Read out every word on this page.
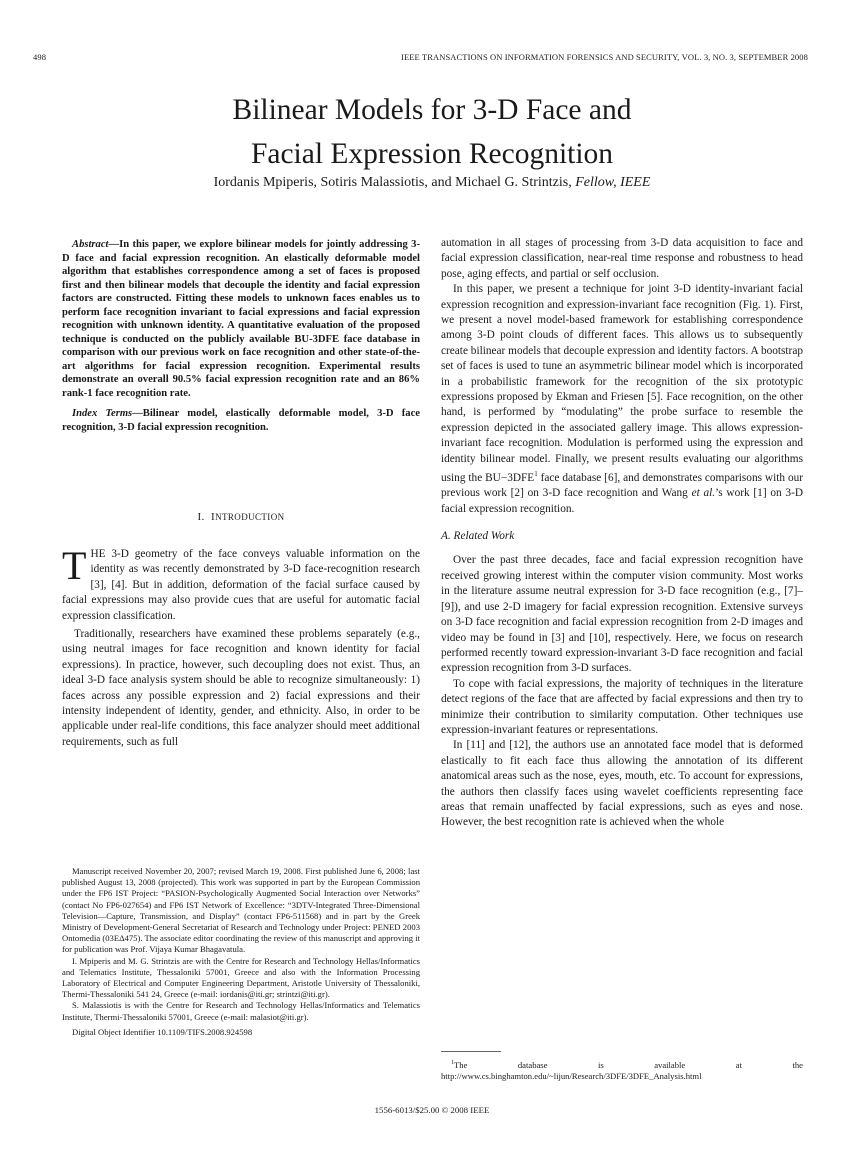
498	IEEE TRANSACTIONS ON INFORMATION FORENSICS AND SECURITY, VOL. 3, NO. 3, SEPTEMBER 2008
Bilinear Models for 3-D Face and
Facial Expression Recognition
Iordanis Mpiperis, Sotiris Malassiotis, and Michael G. Strintzis, Fellow, IEEE

Abstract—In this paper, we explore bilinear models for jointly addressing 3-D face and facial expression recognition. An elastically deformable model algorithm that establishes correspondence among a set of faces is proposed first and then bilinear models that decouple the identity and facial expression factors are constructed. Fitting these models to unknown faces enables us to perform face recognition invariant to facial expressions and facial expression recognition with unknown identity. A quantitative evaluation of the proposed technique is conducted on the publicly available BU-3DFE face database in comparison with our previous work on face recognition and other state-of-the-art algorithms for facial expression recognition. Experimental results demonstrate an overall 90.5% facial expression recognition rate and an 86% rank-1 face recognition rate.

Index Terms—Bilinear model, elastically deformable model, 3-D face recognition, 3-D facial expression recognition.

I. INTRODUCTION

THE 3-D geometry of the face conveys valuable information on the identity as was recently demonstrated by 3-D face-recognition research [3], [4]. But in addition, deformation of the facial surface caused by facial expressions may also provide cues that are useful for automatic facial expression classification.

Traditionally, researchers have examined these problems separately (e.g., using neutral images for face recognition and known identity for facial expressions). In practice, however, such decoupling does not exist. Thus, an ideal 3-D face analysis system should be able to recognize simultaneously: 1) faces across any possible expression and 2) facial expressions and their intensity independent of identity, gender, and ethnicity. Also, in order to be applicable under real-life conditions, this face analyzer should meet additional requirements, such as full

Manuscript received November 20, 2007; revised March 19, 2008. First published June 6, 2008; last published August 13, 2008 (projected). This work was supported in part by the European Commission under the FP6 IST Project: “PASION-Psychologically Augmented Social Interaction over Networks” (contact No FP6-027654) and FP6 IST Network of Excellence: “3DTV-Integrated Three-Dimensional Television—Capture, Transmission, and Display” (contact FP6-511568) and in part by the Greek Ministry of Development-General Secretariat of Research and Technology under Project: PENED 2003 Ontomedia (03EΔ475). The associate editor coordinating the review of this manuscript and approving it for publication was Prof. Vijaya Kumar Bhagavatula.

I. Mpiperis and M. G. Strintzis are with the Centre for Research and Technology Hellas/Informatics and Telematics Institute, Thessaloniki 57001, Greece and also with the Information Processing Laboratory of Electrical and Computer Engineering Department, Aristotle University of Thessaloniki, Thermi-Thessaloniki 541 24, Greece (e-mail: iordanis@iti.gr; strintzi@iti.gr).

S. Malassiotis is with the Centre for Research and Technology Hellas/Informatics and Telematics Institute, Thermi-Thessaloniki 57001, Greece (e-mail: malasiot@iti.gr).

Digital Object Identifier 10.1109/TIFS.2008.924598

automation in all stages of processing from 3-D data acquisition to face and facial expression classification, near-real time response and robustness to head pose, aging effects, and partial or self occlusion.

In this paper, we present a technique for joint 3-D identity-invariant facial expression recognition and expression-invariant face recognition (Fig. 1). First, we present a novel model-based framework for establishing correspondence among 3-D point clouds of different faces. This allows us to subsequently create bilinear models that decouple expression and identity factors. A bootstrap set of faces is used to tune an asymmetric bilinear model which is incorporated in a probabilistic framework for the recognition of the six prototypic expressions proposed by Ekman and Friesen [5]. Face recognition, on the other hand, is performed by “modulating” the probe surface to resemble the expression depicted in the associated gallery image. This allows expression-invariant face recognition. Modulation is performed using the expression and identity bilinear model. Finally, we present results evaluating our algorithms using the $BU-3DFE^1$ face database [6], and demonstrates comparisons with our previous work [2] on 3-D face recognition and Wang et al.’s work [1] on 3-D facial expression recognition.

A. Related Work

Over the past three decades, face and facial expression recognition have received growing interest within the computer vision community. Most works in the literature assume neutral expression for 3-D face recognition (e.g., [7]–[9]), and use 2-D imagery for facial expression recognition. Extensive surveys on 3-D face recognition and facial expression recognition from 2-D images and video may be found in [3] and [10], respectively. Here, we focus on research performed recently toward expression-invariant 3-D face recognition and facial expression recognition from 3-D surfaces.

To cope with facial expressions, the majority of techniques in the literature detect regions of the face that are affected by facial expressions and then try to minimize their contribution to similarity computation. Other techniques use expression-invariant features or representations.

In [11] and [12], the authors use an annotated face model that is deformed elastically to fit each face thus allowing the annotation of its different anatomical areas such as the nose, eyes, mouth, etc. To account for expressions, the authors then classify faces using wavelet coefficients representing face areas that remain unaffected by facial expressions, such as eyes and nose. However, the best recognition rate is achieved when the whole

$^1$The database is available at the http://www.cs.binghamton.edu/~lijun/Research/3DFE/3DFE_Analysis.html

1556-6013/$25.00 © 2008 IEEE
